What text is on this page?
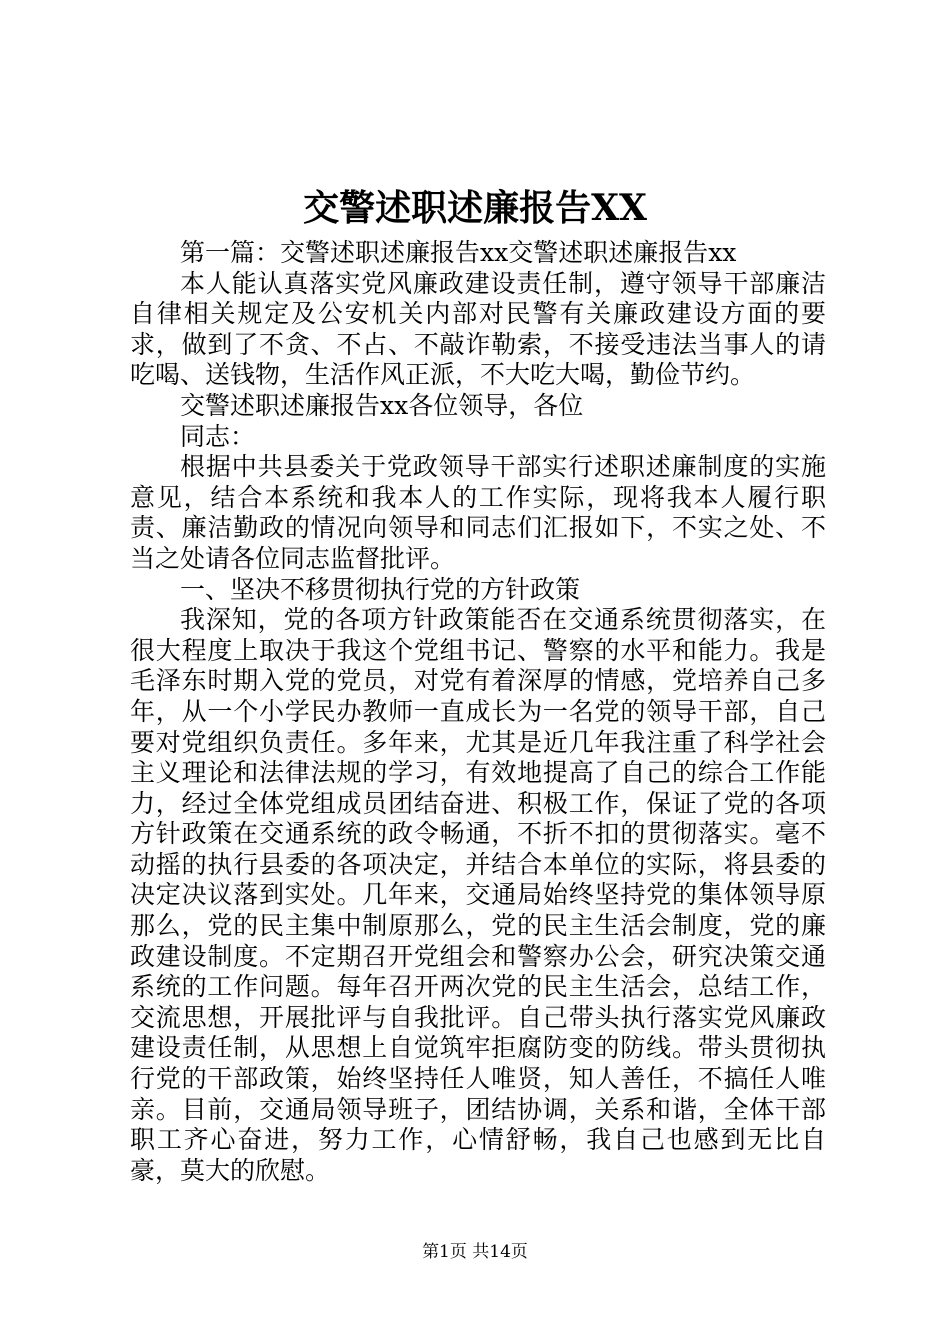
交警述职述廉报告XX

第一篇：交警述职述廉报告xx交警述职述廉报告xx

本人能认真落实党风廉政建设责任制，遵守领导干部廉洁自律相关规定及公安机关内部对民警有关廉政建设方面的要求，做到了不贪、不占、不敲诈勒索，不接受违法当事人的请吃喝、送钱物，生活作风正派，不大吃大喝，勤俭节约。

交警述职述廉报告xx各位领导，各位

同志：

根据中共县委关于党政领导干部实行述职述廉制度的实施意见，结合本系统和我本人的工作实际，现将我本人履行职责、廉洁勤政的情况向领导和同志们汇报如下，不实之处、不当之处请各位同志监督批评。

一、坚决不移贯彻执行党的方针政策

我深知，党的各项方针政策能否在交通系统贯彻落实，在很大程度上取决于我这个党组书记、警察的水平和能力。我是毛泽东时期入党的党员，对党有着深厚的情感，党培养自己多年，从一个小学民办教师一直成长为一名党的领导干部，自己要对党组织负责任。多年来，尤其是近几年我注重了科学社会主义理论和法律法规的学习，有效地提高了自己的综合工作能力，经过全体党组成员团结奋进、积极工作，保证了党的各项方针政策在交通系统的政令畅通，不折不扣的贯彻落实。毫不动摇的执行县委的各项决定，并结合本单位的实际，将县委的决定决议落到实处。几年来，交通局始终坚持党的集体领导原那么，党的民主集中制原那么，党的民主生活会制度，党的廉政建设制度。不定期召开党组会和警察办公会，研究决策交通系统的工作问题。每年召开两次党的民主生活会，总结工作，交流思想，开展批评与自我批评。自己带头执行落实党风廉政建设责任制，从思想上自觉筑牢拒腐防变的防线。带头贯彻执行党的干部政策，始终坚持任人唯贤，知人善任，不搞任人唯亲。目前，交通局领导班子，团结协调，关系和谐，全体干部职工齐心奋进，努力工作，心情舒畅，我自己也感到无比自豪，莫大的欣慰。

第1页 共14页
